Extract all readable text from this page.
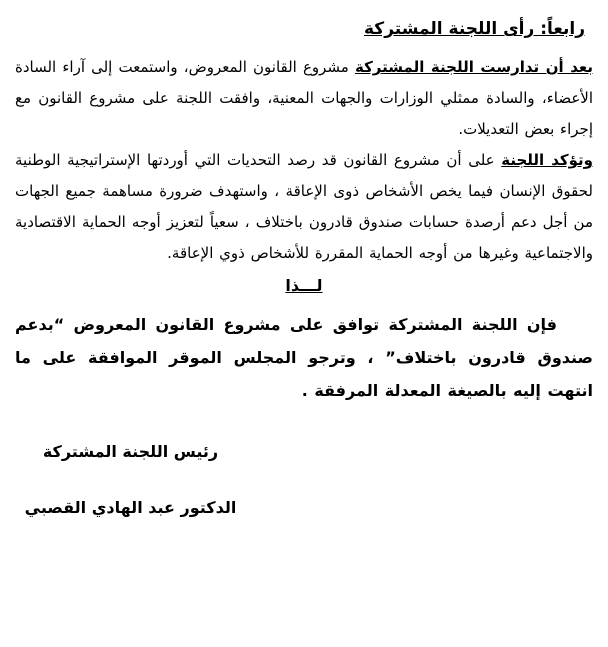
رابعاً: رأى اللجنة المشتركة

بعد أن تدارست اللجنة المشتركة مشروع القانون المعروض، واستمعت إلى آراء السادة الأعضاء، والسادة ممثلي الوزارات والجهات المعنية، وافقت اللجنة على مشروع القانون مع إجراء بعض التعديلات.

وتؤكد اللجنة على أن مشروع القانون قد رصد التحديات التي أوردتها الإستراتيجية الوطنية لحقوق الإنسان فيما يخص الأشخاص ذوى الإعاقة ، واستهدف ضرورة مساهمة جميع الجهات من أجل دعم أرصدة حسابات صندوق قادرون باختلاف ، سعياً لتعزيز أوجه الحماية الاقتصادية والاجتماعية وغيرها من أوجه الحماية المقررة للأشخاص ذوي الإعاقة.

لـــذا

فإن اللجنة المشتركة توافق على مشروع القانون المعروض “بدعم صندوق قادرون باختلاف” ، وترجو المجلس الموقر الموافقة على ما انتهت إليه بالصيغة المعدلة المرفقة .

رئيس اللجنة المشتركة

الدكتور عبد الهادي القصبي
